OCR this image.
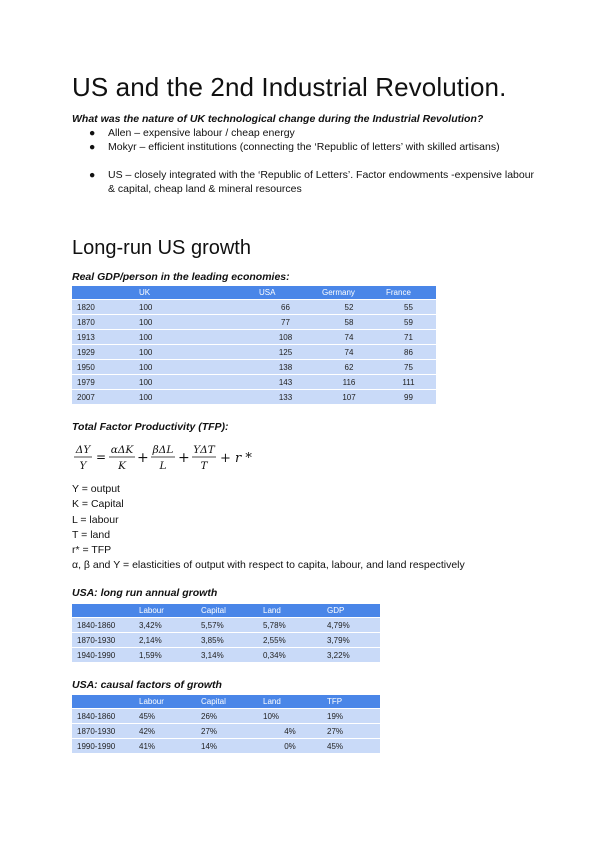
US and the 2nd Industrial Revolution.

What was the nature of UK technological change during the Industrial Revolution?

● Allen – expensive labour / cheap energy
● Mokyr – efficient institutions (connecting the ‘Republic of letters’ with skilled artisans)
● US – closely integrated with the ‘Republic of Letters’. Factor endowments -expensive labour & capital, cheap land & mineral resources
Long-run US growth

Real GDP/person in the leading economies:

	UK	USA	Germany	France
1820	100	66	52	55
1870	100	77	58	59
1913	100	108	74	71
1929	100	125	74	86
1950	100	138	62	75
1979	100	143	116	111
2007	100	133	107	99

Total Factor Productivity (TFP):

ΔY
Y
= αΔK
K + βΔL
L + ΥΔT
T + r *
Y = output
K = Capital
L = labour
T = land
r* = TFP
α, β and Υ = elasticities of output with respect to capita, labour, and land respectively

USA: long run annual growth

	Labour	Capital	Land	GDP
1840-1860	3,42%	5,57%	5,78%	4,79%
1870-1930	2,14%	3,85%	2,55%	3,79%
1940-1990	1,59%	3,14%	0,34%	3,22%

USA: causal factors of growth

	Labour	Capital	Land	TFP
1840-1860	45%	26%	10%	19%
1870-1930	42%	27%	4%	27%
1990-1990	41%	14%	0%	45%
